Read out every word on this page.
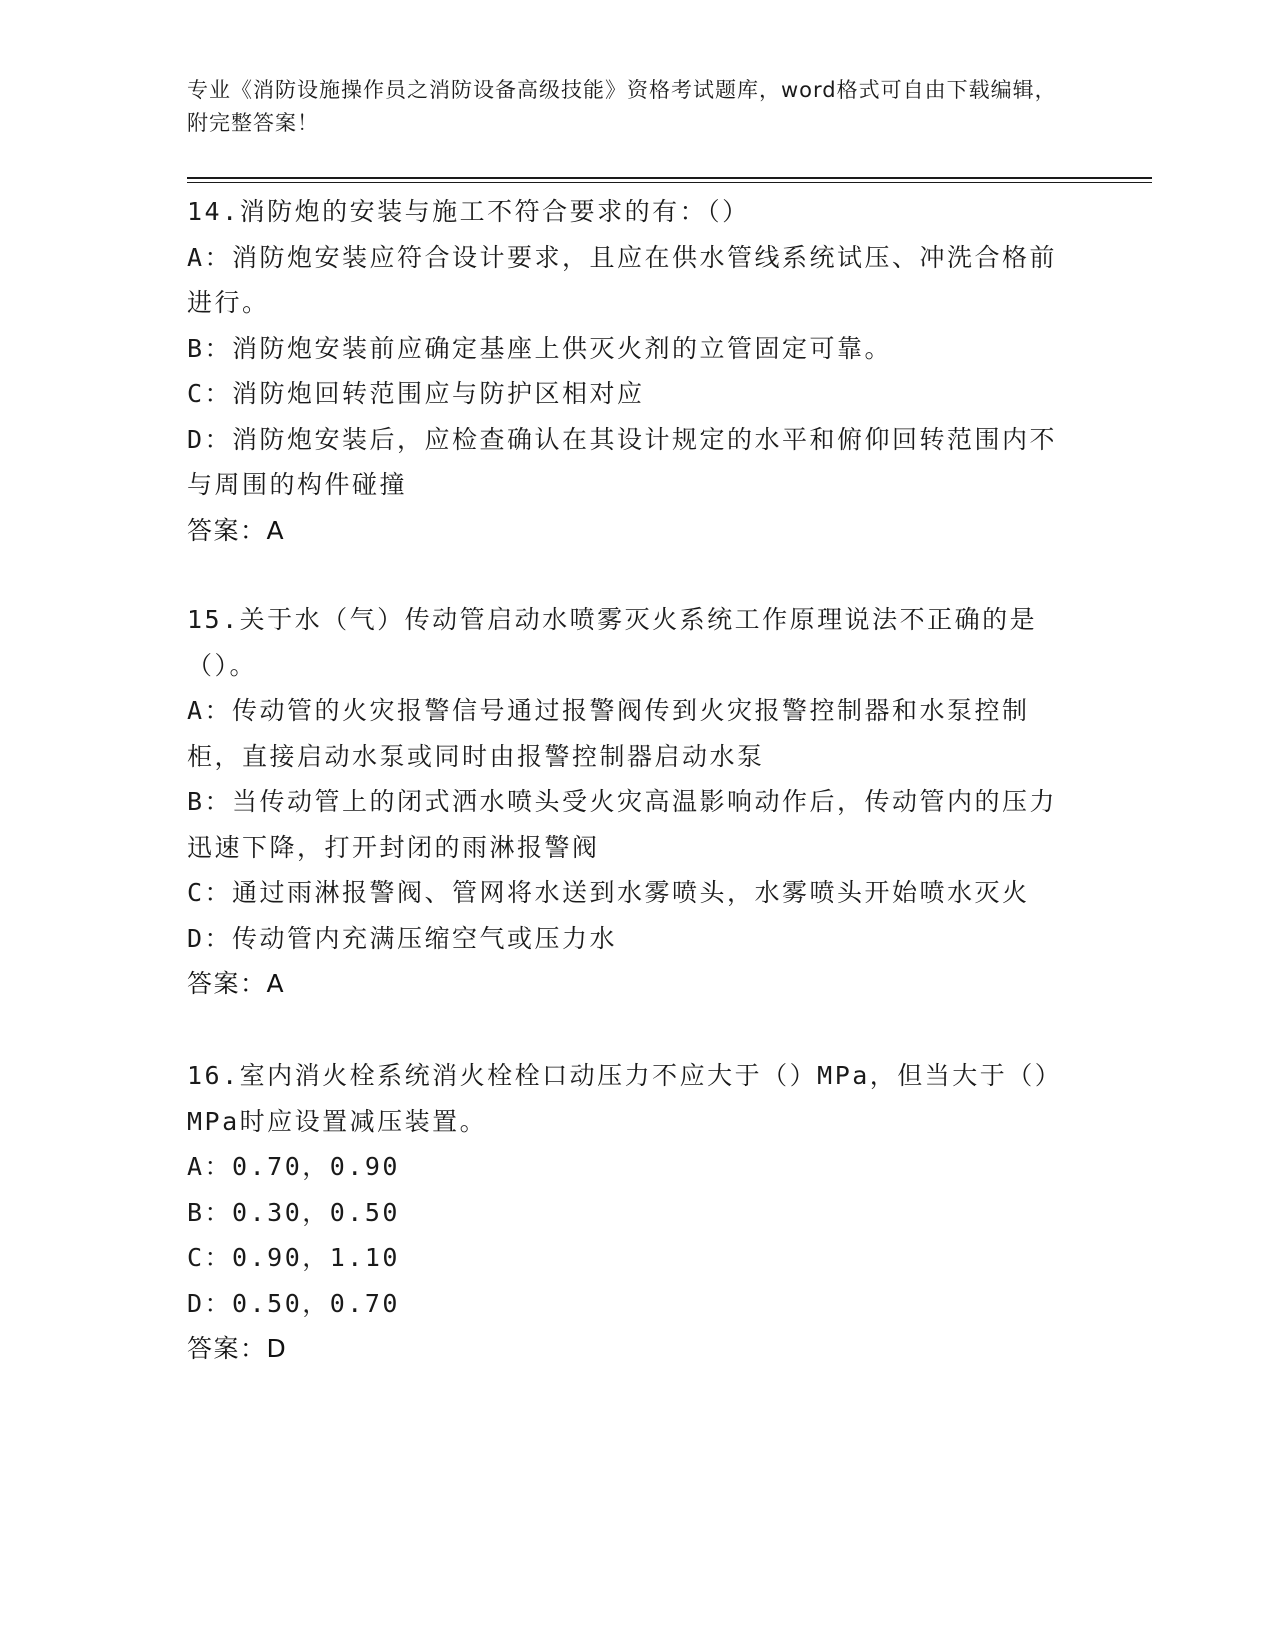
专业《消防设施操作员之消防设备高级技能》资格考试题库，word格式可自由下载编辑，附完整答案！

14.消防炮的安装与施工不符合要求的有：（）

A：消防炮安装应符合设计要求，且应在供水管线系统试压、冲洗合格前进行。

B：消防炮安装前应确定基座上供灭火剂的立管固定可靠。

C：消防炮回转范围应与防护区相对应

D：消防炮安装后，应检查确认在其设计规定的水平和俯仰回转范围内不与周围的构件碰撞

答案：A

15.关于水（气）传动管启动水喷雾灭火系统工作原理说法不正确的是（）。

A：传动管的火灾报警信号通过报警阀传到火灾报警控制器和水泵控制柜，直接启动水泵或同时由报警控制器启动水泵

B：当传动管上的闭式洒水喷头受火灾高温影响动作后，传动管内的压力迅速下降，打开封闭的雨淋报警阀

C：通过雨淋报警阀、管网将水送到水雾喷头，水雾喷头开始喷水灭火

D：传动管内充满压缩空气或压力水

答案：A

16.室内消火栓系统消火栓栓口动压力不应大于（）MPa，但当大于（）MPa时应设置减压装置。

A：0.70，0.90

B：0.30，0.50

C：0.90，1.10

D：0.50，0.70

答案：D
